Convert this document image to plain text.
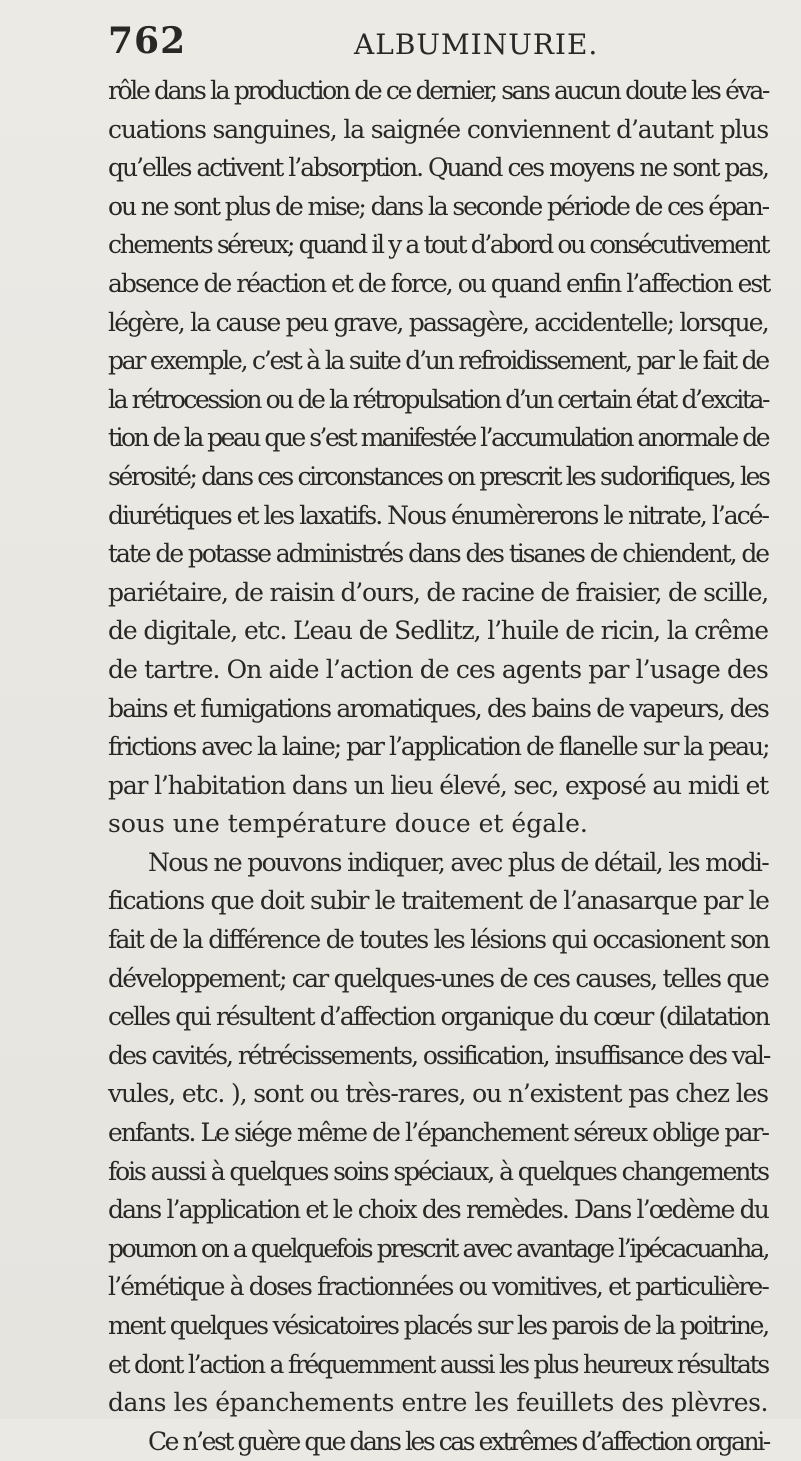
762	ALBUMINURIE.
rôle dans la production de ce dernier, sans aucun doute les éva-
cuations sanguines, la saignée conviennent d’autant plus
qu’elles activent l’absorption. Quand ces moyens ne sont pas,
ou ne sont plus de mise; dans la seconde période de ces épan-
chements séreux; quand il y a tout d’abord ou consécutivement
absence de réaction et de force, ou quand enfin l’affection est
légère, la cause peu grave, passagère, accidentelle; lorsque,
par exemple, c’est à la suite d’un refroidissement, par le fait de
la rétrocession ou de la rétropulsation d’un certain état d’excita-
tion de la peau que s’est manifestée l’accumulation anormale de
sérosité; dans ces circonstances on prescrit les sudorifiques, les
diurétiques et les laxatifs. Nous énumèrerons le nitrate, l’acé-
tate de potasse administrés dans des tisanes de chiendent, de
pariétaire, de raisin d’ours, de racine de fraisier, de scille,
de digitale, etc. L’eau de Sedlitz, l’huile de ricin, la crême
de tartre. On aide l’action de ces agents par l’usage des
bains et fumigations aromatiques, des bains de vapeurs, des
frictions avec la laine; par l’application de flanelle sur la peau;
par l’habitation dans un lieu élevé, sec, exposé au midi et
sous une température douce et égale.
Nous ne pouvons indiquer, avec plus de détail, les modi-
fications que doit subir le traitement de l’anasarque par le
fait de la différence de toutes les lésions qui occasionent son
développement; car quelques-unes de ces causes, telles que
celles qui résultent d’affection organique du cœur (dilatation
des cavités, rétrécissements, ossification, insuffisance des val-
vules, etc. ), sont ou très-rares, ou n’existent pas chez les
enfants. Le siége même de l’épanchement séreux oblige par-
fois aussi à quelques soins spéciaux, à quelques changements
dans l’application et le choix des remèdes. Dans l’œdème du
poumon on a quelquefois prescrit avec avantage l’ipécacuanha,
l’émétique à doses fractionnées ou vomitives, et particulière-
ment quelques vésicatoires placés sur les parois de la poitrine,
et dont l’action a fréquemment aussi les plus heureux résultats
dans les épanchements entre les feuillets des plèvres.
Ce n’est guère que dans les cas extrêmes d’affection organi-
